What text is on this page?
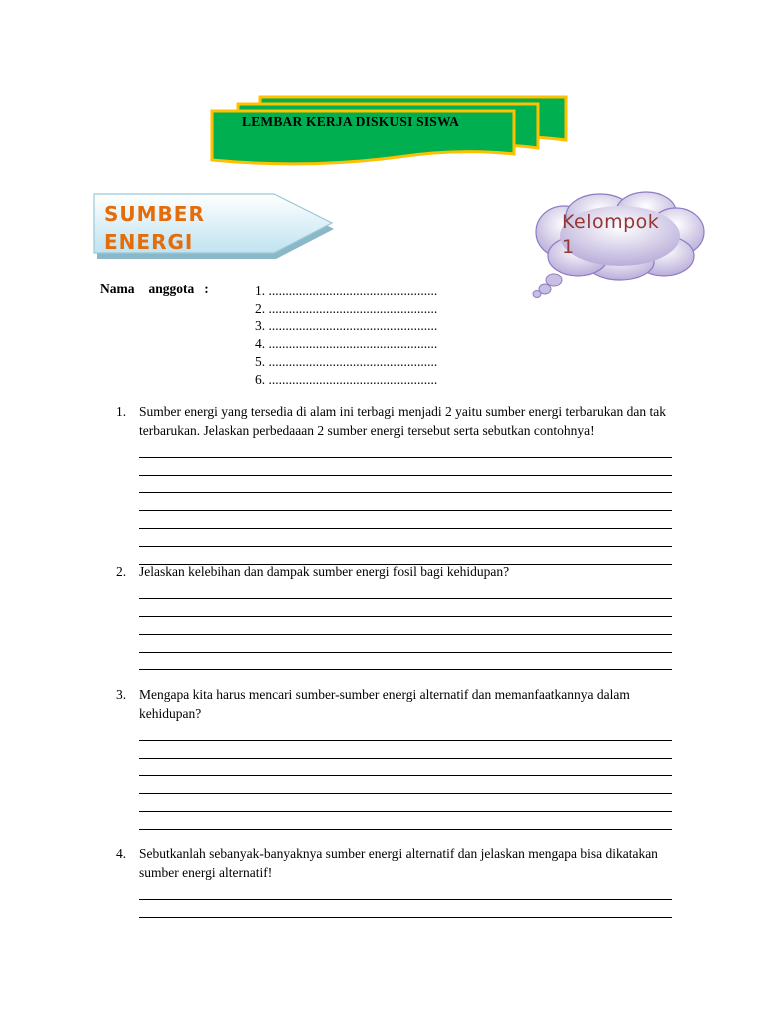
LEMBAR KERJA DISKUSI SISWA
SUMBER ENERGI
Kelompok 1
Nama anggota :	1. ..................................................
2. ..................................................
3. ..................................................
4. ..................................................
5. ..................................................
6. ..................................................
1. Sumber energi yang tersedia di alam ini terbagi menjadi 2 yaitu sumber energi terbarukan dan tak terbarukan. Jelaskan perbedaaan 2 sumber energi tersebut serta sebutkan contohnya!
2. Jelaskan kelebihan dan dampak sumber energi fosil bagi kehidupan?
3. Mengapa kita harus mencari sumber-sumber energi alternatif dan memanfaatkannya dalam kehidupan?
4. Sebutkanlah sebanyak-banyaknya sumber energi alternatif dan jelaskan mengapa bisa dikatakan sumber energi alternatif!
